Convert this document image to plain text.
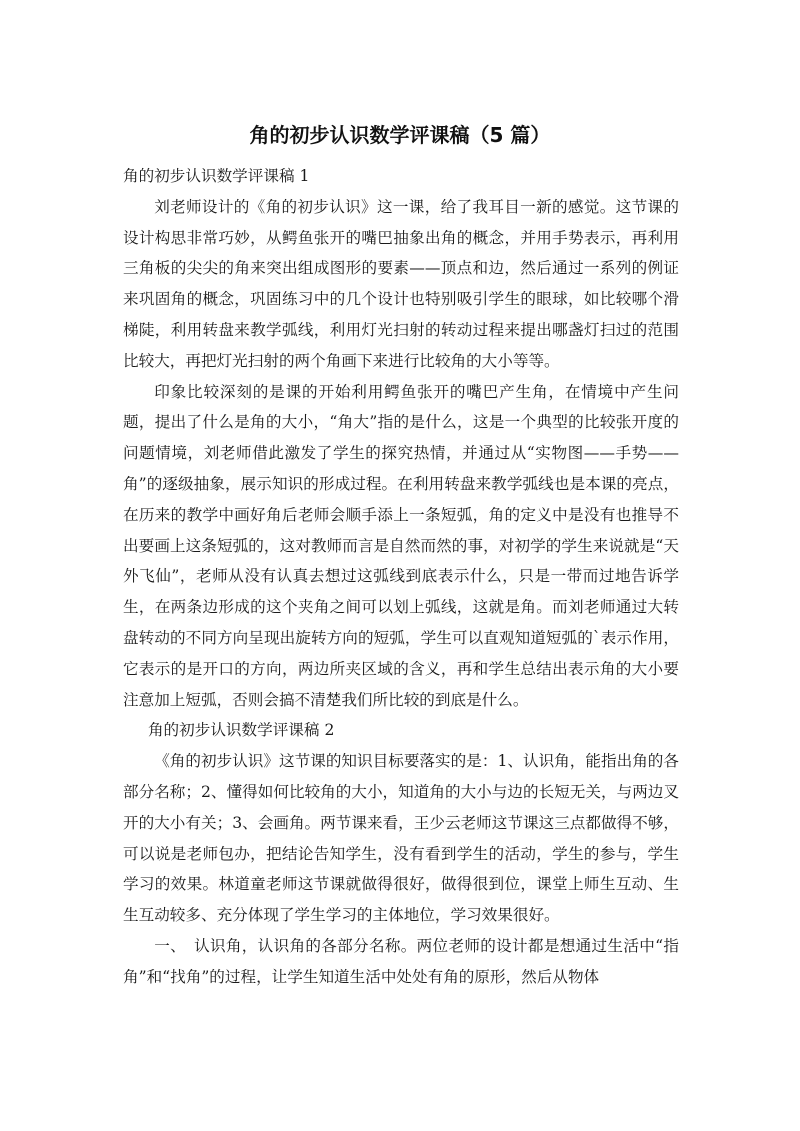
角的初步认识数学评课稿（5 篇）

角的初步认识数学评课稿 1

刘老师设计的《角的初步认识》这一课，给了我耳目一新的感觉。这节课的设计构思非常巧妙，从鳄鱼张开的嘴巴抽象出角的概念，并用手势表示，再利用三角板的尖尖的角来突出组成图形的要素——顶点和边，然后通过一系列的例证来巩固角的概念，巩固练习中的几个设计也特别吸引学生的眼球，如比较哪个滑梯陡，利用转盘来教学弧线，利用灯光扫射的转动过程来提出哪盏灯扫过的范围比较大，再把灯光扫射的两个角画下来进行比较角的大小等等。

印象比较深刻的是课的开始利用鳄鱼张开的嘴巴产生角，在情境中产生问题，提出了什么是角的大小，“角大”指的是什么，这是一个典型的比较张开度的问题情境，刘老师借此激发了学生的探究热情，并通过从“实物图——手势——角”的逐级抽象，展示知识的形成过程。在利用转盘来教学弧线也是本课的亮点，在历来的教学中画好角后老师会顺手添上一条短弧，角的定义中是没有也推导不出要画上这条短弧的，这对教师而言是自然而然的事，对初学的学生来说就是“天外飞仙”，老师从没有认真去想过这弧线到底表示什么，只是一带而过地告诉学生，在两条边形成的这个夹角之间可以划上弧线，这就是角。而刘老师通过大转盘转动的不同方向呈现出旋转方向的短弧，学生可以直观知道短弧的`表示作用，它表示的是开口的方向，两边所夹区域的含义，再和学生总结出表示角的大小要注意加上短弧，否则会搞不清楚我们所比较的到底是什么。

角的初步认识数学评课稿 2

《角的初步认识》这节课的知识目标要落实的是：1、认识角，能指出角的各部分名称；2、懂得如何比较角的大小，知道角的大小与边的长短无关，与两边叉开的大小有关；3、会画角。两节课来看，王少云老师这节课这三点都做得不够，可以说是老师包办，把结论告知学生，没有看到学生的活动，学生的参与，学生学习的效果。林道童老师这节课就做得很好，做得很到位，课堂上师生互动、生生互动较多、充分体现了学生学习的主体地位，学习效果很好。

一、　认识角，认识角的各部分名称。两位老师的设计都是想通过生活中“指角”和“找角”的过程，让学生知道生活中处处有角的原形，然后从物体
